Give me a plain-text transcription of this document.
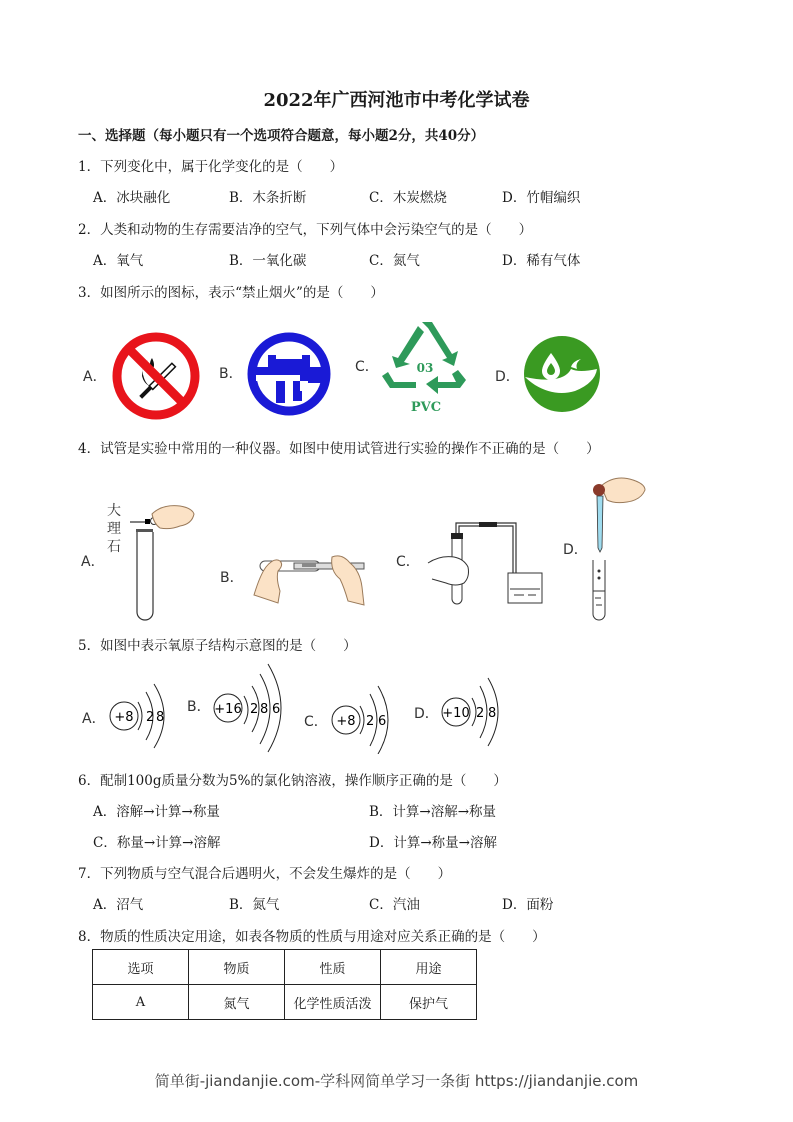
2022年广西河池市中考化学试卷
一、选择题（每小题只有一个选项符合题意，每小题2分，共40分）
1．下列变化中，属于化学变化的是（　　）
A．冰块融化	B．木条折断	C．木炭燃烧	D．竹帽编织
2．人类和动物的生存需要洁净的空气，下列气体中会污染空气的是（　　）
A．氧气	B．一氧化碳	C．氮气	D．稀有气体
3．如图所示的图标，表示“禁止烟火”的是（　　）
A．	B．	C．	03
PVC
D．
4．试管是实验中常用的一种仪器。如图中使用试管进行实验的操作不正确的是（　　）
A．
大
理
石
B．
C．
D．
5．如图中表示氧原子结构示意图的是（　　）
A． +8 2 8
B． +16 2 8 6
C． +8 2 6 D． +10 2 8
6．配制100g质量分数为5%的氯化钠溶液，操作顺序正确的是（　　）
A．溶解→计算→称量	B．计算→溶解→称量
C．称量→计算→溶解	D．计算→称量→溶解
7．下列物质与空气混合后遇明火，不会发生爆炸的是（　　）
A．沼气	B．氮气	C．汽油	D．面粉
8．物质的性质决定用途，如表各物质的性质与用途对应关系正确的是（　　）
选项	物质	性质	用途
A	氮气	化学性质活泼	保护气
简单街-jiandanjie.com-学科网简单学习一条街 https://jiandanjie.com
